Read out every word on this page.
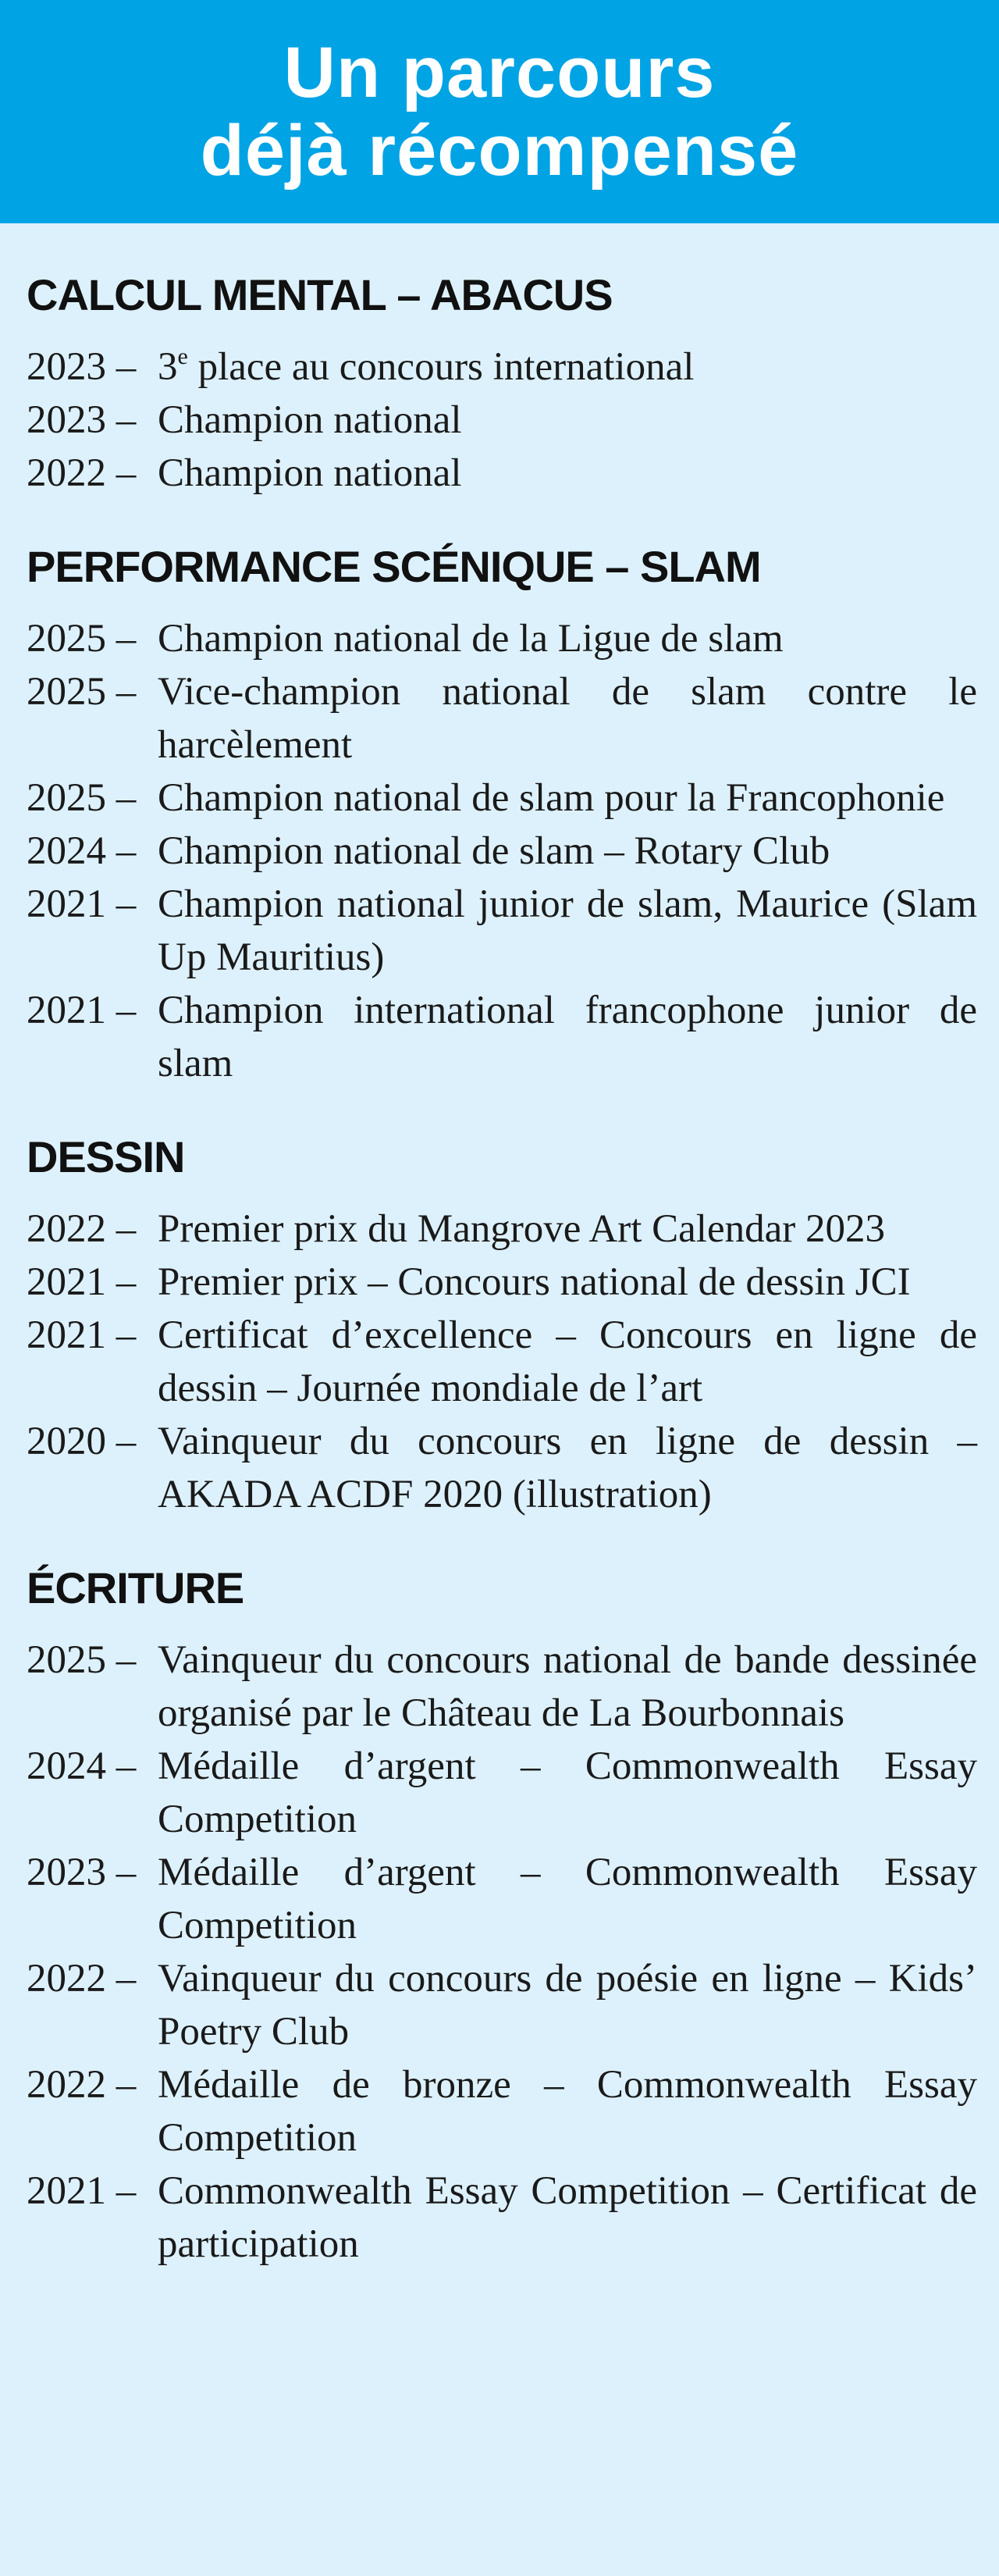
Un parcours
déjà récompensé
CALCUL MENTAL – ABACUS
2023 – 3e place au concours international
2023 – Champion national
2022 – Champion national
PERFORMANCE SCÉNIQUE – SLAM
2025 – Champion national de la Ligue de slam
2025 – Vice-champion national de slam contre le harcèlement
2025 – Champion national de slam pour la Francophonie
2024 – Champion national de slam – Rotary Club
2021 – Champion national junior de slam, Maurice (Slam Up Mauritius)
2021 – Champion international francophone junior de slam
DESSIN
2022 – Premier prix du Mangrove Art Calendar 2023
2021 – Premier prix – Concours national de dessin JCI
2021 – Certificat d’excellence – Concours en ligne de dessin – Journée mondiale de l’art
2020 – Vainqueur du concours en ligne de dessin – AKADA ACDF 2020 (illustration)
ÉCRITURE
2025 – Vainqueur du concours national de bande dessinée organisé par le Château de La Bourbonnais
2024 – Médaille d’argent – Commonwealth Essay Competition
2023 – Médaille d’argent – Commonwealth Essay Competition
2022 – Vainqueur du concours de poésie en ligne – Kids’ Poetry Club
2022 – Médaille de bronze – Commonwealth Essay Competition
2021 – Commonwealth Essay Competition – Certificat de participation
